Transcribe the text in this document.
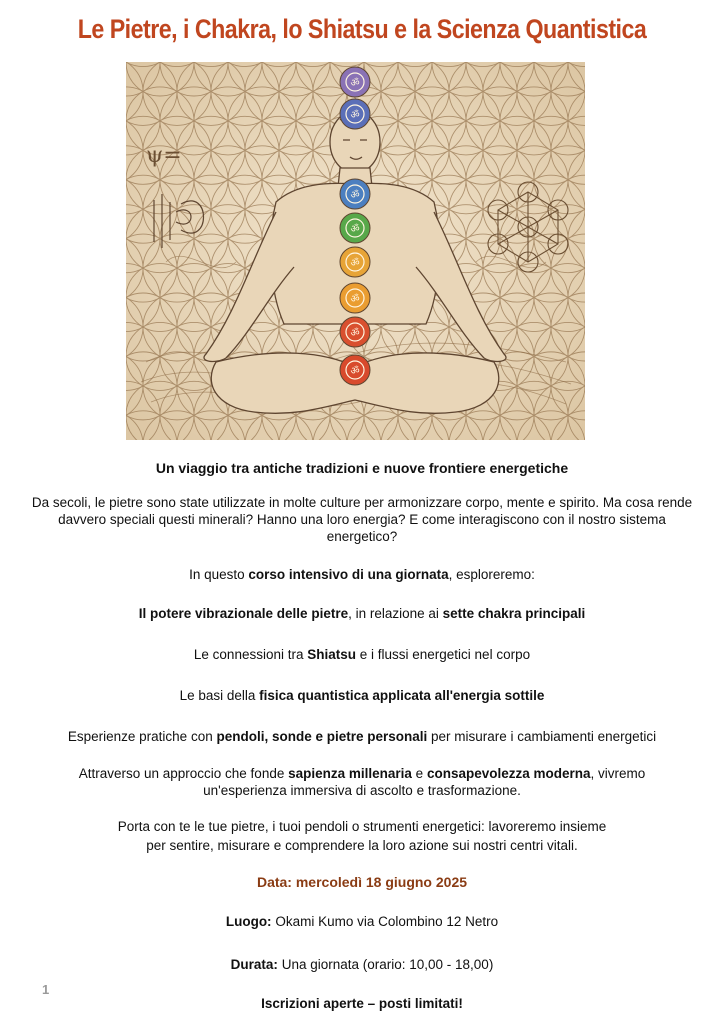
Le Pietre, i Chakra, lo Shiatsu e la Scienza Quantistica
ψ=
ॐ
ॐ
ॐ
ॐ
ॐ
ॐ
ॐ
ॐ
Un viaggio tra antiche tradizioni e nuove frontiere energetiche
Da secoli, le pietre sono state utilizzate in molte culture per armonizzare corpo, mente e spirito. Ma cosa rende davvero speciali questi minerali? Hanno una loro energia? E come interagiscono con il nostro sistema energetico?
In questo corso intensivo di una giornata, esploreremo:
Il potere vibrazionale delle pietre, in relazione ai sette chakra principali
Le connessioni tra Shiatsu e i flussi energetici nel corpo
Le basi della fisica quantistica applicata all'energia sottile
Esperienze pratiche con pendoli, sonde e pietre personali per misurare i cambiamenti energetici
Attraverso un approccio che fonde sapienza millenaria e consapevolezza moderna, vivremo un'esperienza immersiva di ascolto e trasformazione.
Porta con te le tue pietre, i tuoi pendoli o strumenti energetici: lavoreremo insieme
per sentire, misurare e comprendere la loro azione sui nostri centri vitali.
Data: mercoledì 18 giugno 2025
Luogo: Okami Kumo via Colombino 12 Netro
Durata: Una giornata (orario: 10,00 - 18,00)
Iscrizioni aperte – posti limitati!
1
